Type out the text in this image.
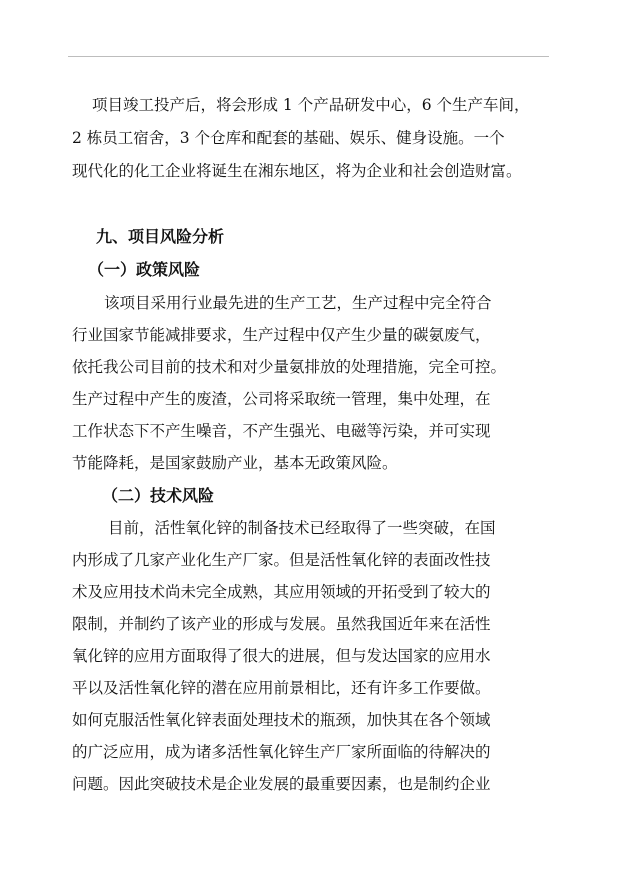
项目竣工投产后，将会形成 1 个产品研发中心，6 个生产车间，
2 栋员工宿舍，3 个仓库和配套的基础、娱乐、健身设施。一个
现代化的化工企业将诞生在湘东地区，将为企业和社会创造财富。
九、项目风险分析
（一）政策风险
该项目采用行业最先进的生产工艺，生产过程中完全符合
行业国家节能减排要求，生产过程中仅产生少量的碳氨废气，
依托我公司目前的技术和对少量氨排放的处理措施，完全可控。
生产过程中产生的废渣，公司将采取统一管理，集中处理，在
工作状态下不产生噪音，不产生强光、电磁等污染，并可实现
节能降耗，是国家鼓励产业，基本无政策风险。
（二）技术风险
目前，活性氧化锌的制备技术已经取得了一些突破，在国
内形成了几家产业化生产厂家。但是活性氧化锌的表面改性技
术及应用技术尚未完全成熟，其应用领域的开拓受到了较大的
限制，并制约了该产业的形成与发展。虽然我国近年来在活性
氧化锌的应用方面取得了很大的进展，但与发达国家的应用水
平以及活性氧化锌的潜在应用前景相比，还有许多工作要做。
如何克服活性氧化锌表面处理技术的瓶颈，加快其在各个领域
的广泛应用，成为诸多活性氧化锌生产厂家所面临的待解决的
问题。因此突破技术是企业发展的最重要因素，也是制约企业
